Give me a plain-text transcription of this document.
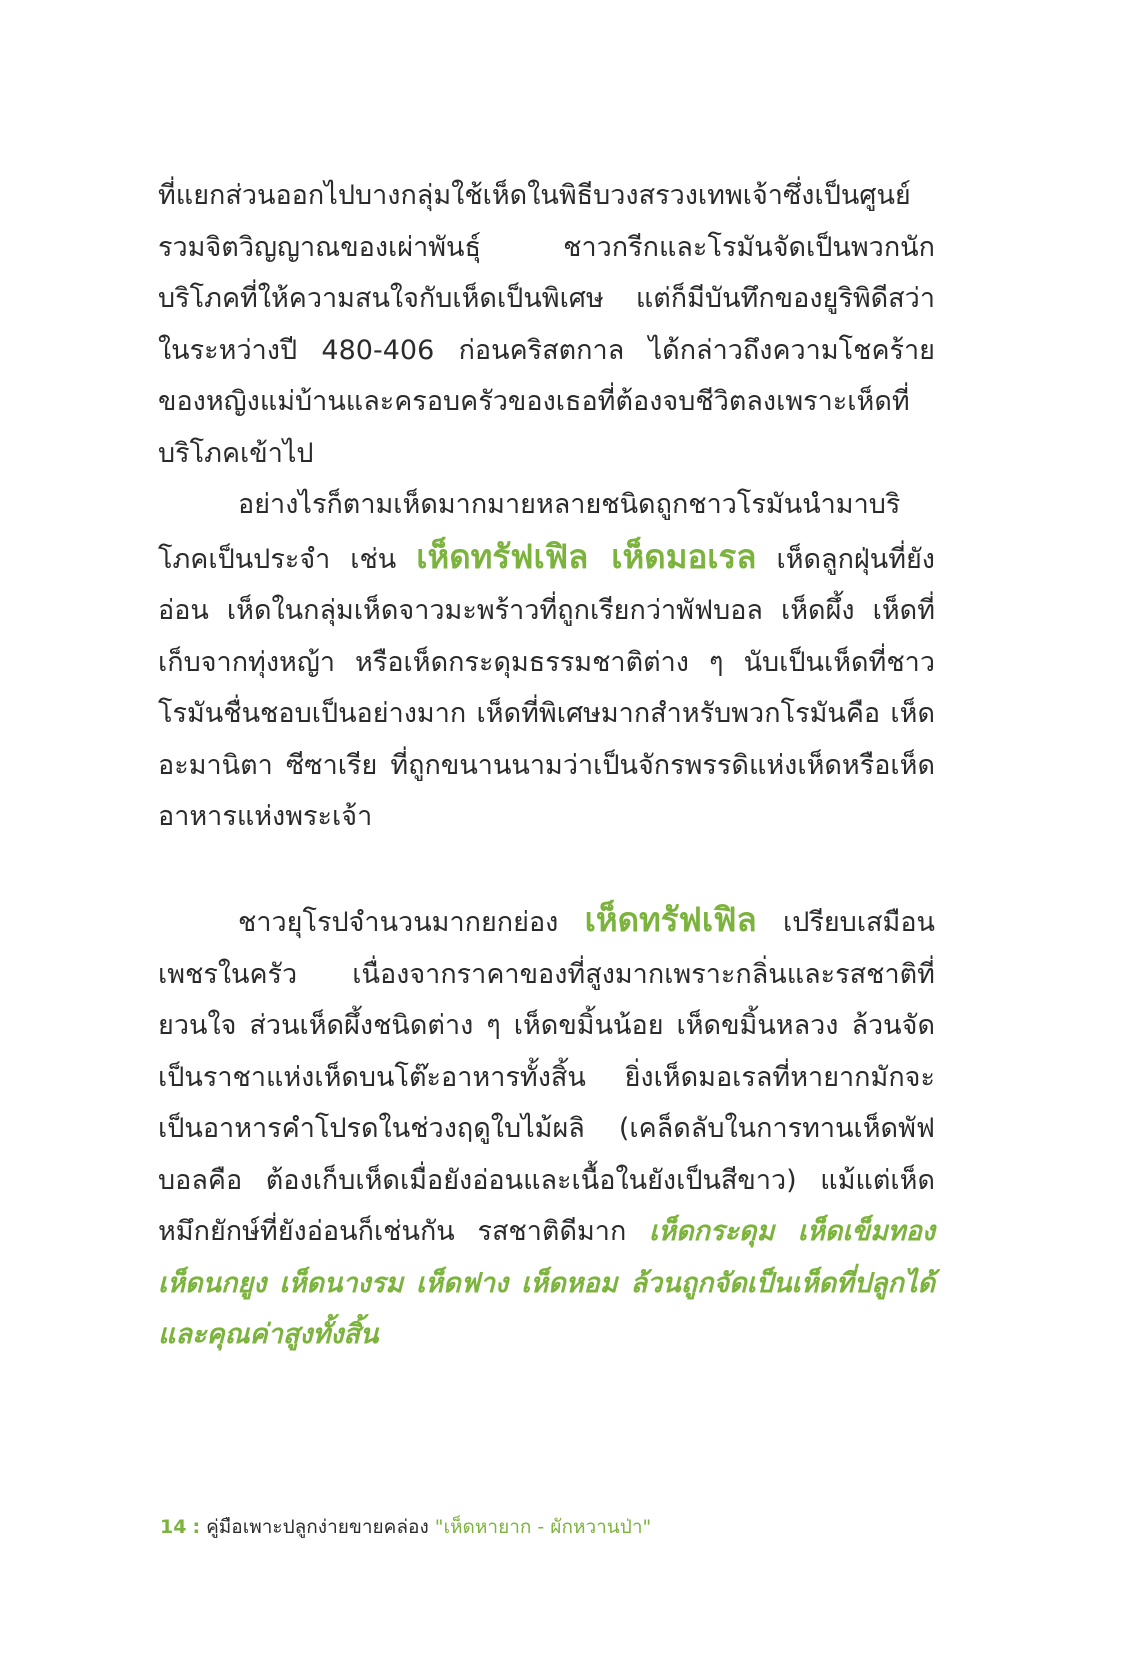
ที่แยกส่วนออกไปบางกลุ่มใช้เห็ดในพิธีบวงสรวงเทพเจ้าซึ่งเป็นศูนย์รวมจิตวิญญาณของเผ่าพันธุ์ ชาวกรีกและโรมันจัดเป็นพวกนักบริโภคที่ให้ความสนใจกับเห็ดเป็นพิเศษ แต่ก็มีบันทึกของยูริพิดีสว่า ในระหว่างปี 480-406 ก่อนคริสตกาล ได้กล่าวถึงความโชคร้ายของหญิงแม่บ้านและครอบครัวของเธอที่ต้องจบชีวิตลงเพราะเห็ดที่บริโภคเข้าไป

อย่างไรก็ตามเห็ดมากมายหลายชนิดถูกชาวโรมันนำมาบริโภคเป็นประจำ เช่น เห็ดทรัฟเฟิล เห็ดมอเรล เห็ดลูกฝุ่นที่ยังอ่อน เห็ดในกลุ่มเห็ดจาวมะพร้าวที่ถูกเรียกว่าพัฟบอล เห็ดผึ้ง เห็ดที่เก็บจากทุ่งหญ้า หรือเห็ดกระดุมธรรมชาติต่าง ๆ นับเป็นเห็ดที่ชาวโรมันชื่นชอบเป็นอย่างมาก เห็ดที่พิเศษมากสำหรับพวกโรมันคือ เห็ดอะมานิตา ซีซาเรีย ที่ถูกขนานนามว่าเป็นจักรพรรดิแห่งเห็ดหรือเห็ดอาหารแห่งพระเจ้า

ชาวยุโรปจำนวนมากยกย่อง เห็ดทรัฟเฟิล เปรียบเสมือนเพชรในครัว เนื่องจากราคาของที่สูงมากเพราะกลิ่นและรสชาติที่ยวนใจ ส่วนเห็ดผึ้งชนิดต่าง ๆ เห็ดขมิ้นน้อย เห็ดขมิ้นหลวง ล้วนจัดเป็นราชาแห่งเห็ดบนโต๊ะอาหารทั้งสิ้น ยิ่งเห็ดมอเรลที่หายากมักจะเป็นอาหารคำโปรดในช่วงฤดูใบไม้ผลิ (เคล็ดลับในการทานเห็ดพัฟบอลคือ ต้องเก็บเห็ดเมื่อยังอ่อนและเนื้อในยังเป็นสีขาว) แม้แต่เห็ดหมึกยักษ์ที่ยังอ่อนก็เช่นกัน รสชาติดีมาก เห็ดกระดุม เห็ดเข็มทอง เห็ดนกยูง เห็ดนางรม เห็ดฟาง เห็ดหอม ล้วนถูกจัดเป็นเห็ดที่ปลูกได้และคุณค่าสูงทั้งสิ้น

14 : คู่มือเพาะปลูกง่ายขายคล่อง "เห็ดหายาก - ผักหวานป่า"
